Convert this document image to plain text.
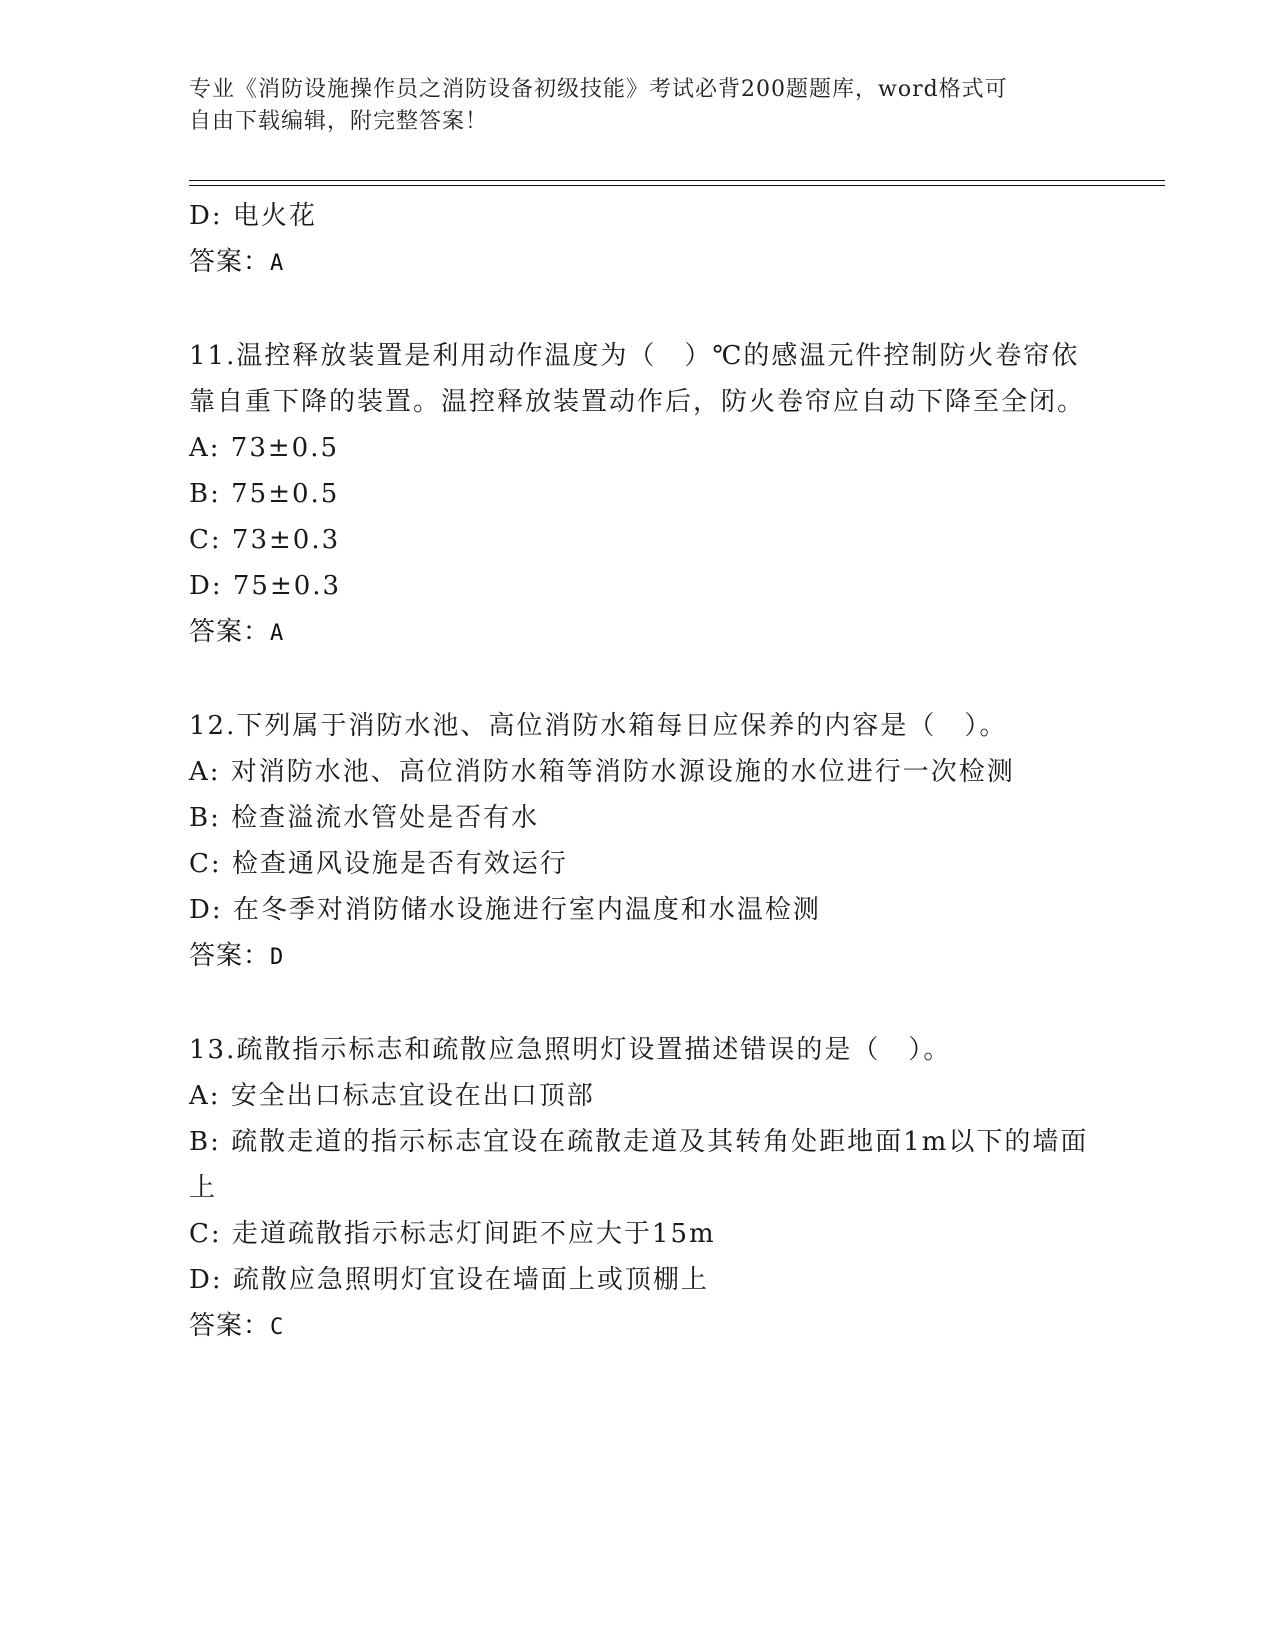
专业《消防设施操作员之消防设备初级技能》考试必背200题题库，word格式可
自由下载编辑，附完整答案！
D: 电火花
答案：A
11.温控释放装置是利用动作温度为（　）℃的感温元件控制防火卷帘依靠自重下降的装置。温控释放装置动作后，防火卷帘应自动下降至全闭。
A: 73±0.5
B: 75±0.5
C: 73±0.3
D: 75±0.3
答案：A
12.下列属于消防水池、高位消防水箱每日应保养的内容是（　）。
A: 对消防水池、高位消防水箱等消防水源设施的水位进行一次检测
B: 检查溢流水管处是否有水
C: 检查通风设施是否有效运行
D: 在冬季对消防储水设施进行室内温度和水温检测
答案：D
13.疏散指示标志和疏散应急照明灯设置描述错误的是（　）。
A: 安全出口标志宜设在出口顶部
B: 疏散走道的指示标志宜设在疏散走道及其转角处距地面1m以下的墙面上
C: 走道疏散指示标志灯间距不应大于15m
D: 疏散应急照明灯宜设在墙面上或顶棚上
答案：C
